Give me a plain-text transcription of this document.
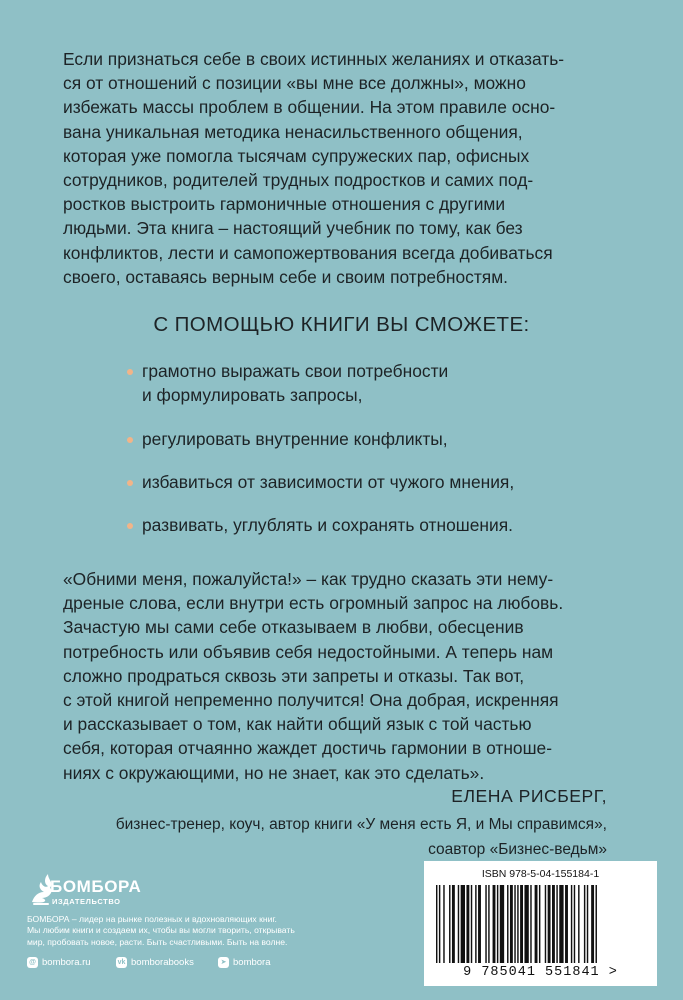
Если признаться себе в своих истинных желаниях и отказать-
ся от отношений с позиции «вы мне все должны», можно
избежать массы проблем в общении. На этом правиле осно-
вана уникальная методика ненасильственного общения,
которая уже помогла тысячам супружеских пар, офисных
сотрудников, родителей трудных подростков и самих под-
ростков выстроить гармоничные отношения с другими
людьми. Эта книга – настоящий учебник по тому, как без
конфликтов, лести и самопожертвования всегда добиваться
своего, оставаясь верным себе и своим потребностям.
С ПОМОЩЬЮ КНИГИ ВЫ СМОЖЕТЕ:
грамотно выражать свои потребности
и формулировать запросы,
регулировать внутренние конфликты,
избавиться от зависимости от чужого мнения,
развивать, углублять и сохранять отношения.
«Обними меня, пожалуйста!» – как трудно сказать эти нему-
дреные слова, если внутри есть огромный запрос на любовь.
Зачастую мы сами себе отказываем в любви, обесценив
потребность или объявив себя недостойными. А теперь нам
сложно продраться сквозь эти запреты и отказы. Так вот,
с этой книгой непременно получится! Она добрая, искренняя
и рассказывает о том, как найти общий язык с той частью
себя, которая отчаянно жаждет достичь гармонии в отноше-
ниях с окружающими, но не знает, как это сделать».

ЕЛЕНА РИСБЕРГ,

бизнес-тренер, коуч, автор книги «У меня есть Я, и Мы справимся»,
соавтор «Бизнес-ведьм»

БОМБОРА
ИЗДАТЕЛЬСТВО

БОМБОРА – лидер на рынке полезных и вдохновляющих книг.
Мы любим книги и создаем их, чтобы вы могли творить, открывать
мир, пробовать новое, расти. Быть счастливыми. Быть на волне.

@ bombora.ru	vk bomborabooks	➤ bombora
ISBN 978-5-04-155184-1
9 785041 551841 >
